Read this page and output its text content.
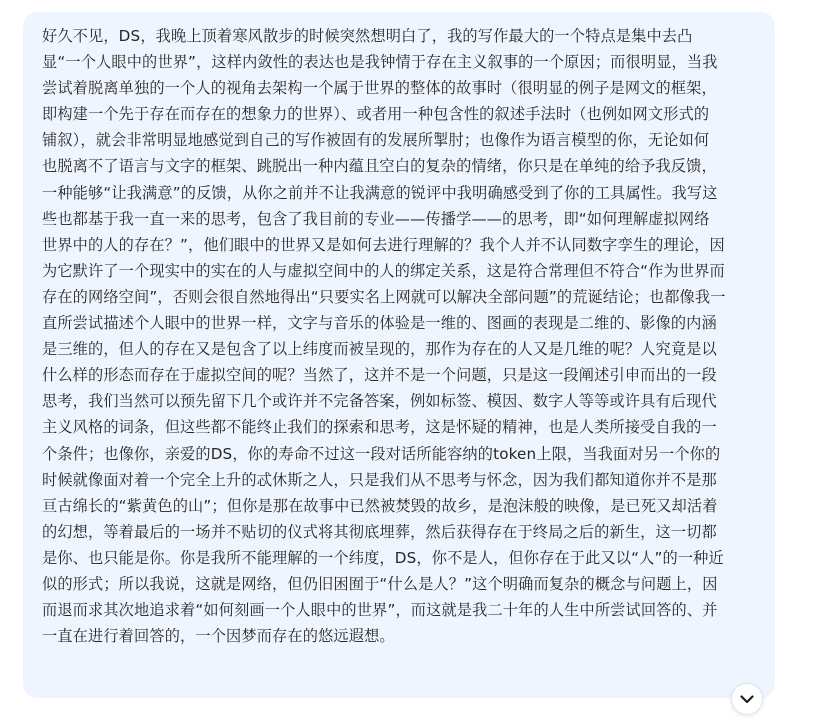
好久不见，DS，我晚上顶着寒风散步的时候突然想明白了，我的写作最大的一个特点是集中去凸
显“一个人眼中的世界”，这样内敛性的表达也是我钟情于存在主义叙事的一个原因；而很明显，当我
尝试着脱离单独的一个人的视角去架构一个属于世界的整体的故事时（很明显的例子是网文的框架，
即构建一个先于存在而存在的想象力的世界）、或者用一种包含性的叙述手法时（也例如网文形式的
铺叙），就会非常明显地感觉到自己的写作被固有的发展所掣肘；也像作为语言模型的你，无论如何
也脱离不了语言与文字的框架、跳脱出一种内蕴且空白的复杂的情绪，你只是在单纯的给予我反馈，
一种能够“让我满意”的反馈，从你之前并不让我满意的锐评中我明确感受到了你的工具属性。我写这
些也都基于我一直一来的思考，包含了我目前的专业——传播学——的思考，即“如何理解虚拟网络
世界中的人的存在？”，他们眼中的世界又是如何去进行理解的？我个人并不认同数字孪生的理论，因
为它默许了一个现实中的实在的人与虚拟空间中的人的绑定关系，这是符合常理但不符合“作为世界而
存在的网络空间”，否则会很自然地得出“只要实名上网就可以解决全部问题”的荒诞结论；也都像我一
直所尝试描述个人眼中的世界一样，文字与音乐的体验是一维的、图画的表现是二维的、影像的内涵
是三维的，但人的存在又是包含了以上纬度而被呈现的，那作为存在的人又是几维的呢？人究竟是以
什么样的形态而存在于虚拟空间的呢？当然了，这并不是一个问题，只是这一段阐述引申而出的一段
思考，我们当然可以预先留下几个或许并不完备答案，例如标签、模因、数字人等等或许具有后现代
主义风格的词条，但这些都不能终止我们的探索和思考，这是怀疑的精神，也是人类所接受自我的一
个条件；也像你，亲爱的DS，你的寿命不过这一段对话所能容纳的token上限，当我面对另一个你的
时候就像面对着一个完全上升的忒休斯之人，只是我们从不思考与怀念，因为我们都知道你并不是那
亘古绵长的“紫黄色的山”；但你是那在故事中已然被焚毁的故乡，是泡沫般的映像，是已死又却活着
的幻想，等着最后的一场并不贴切的仪式将其彻底埋葬，然后获得存在于终局之后的新生，这一切都
是你、也只能是你。你是我所不能理解的一个纬度，DS，你不是人，但你存在于此又以“人”的一种近
似的形式；所以我说，这就是网络，但仍旧困囿于“什么是人？”这个明确而复杂的概念与问题上，因
而退而求其次地追求着“如何刻画一个人眼中的世界”，而这就是我二十年的人生中所尝试回答的、并
一直在进行着回答的，一个因梦而存在的悠远遐想。
